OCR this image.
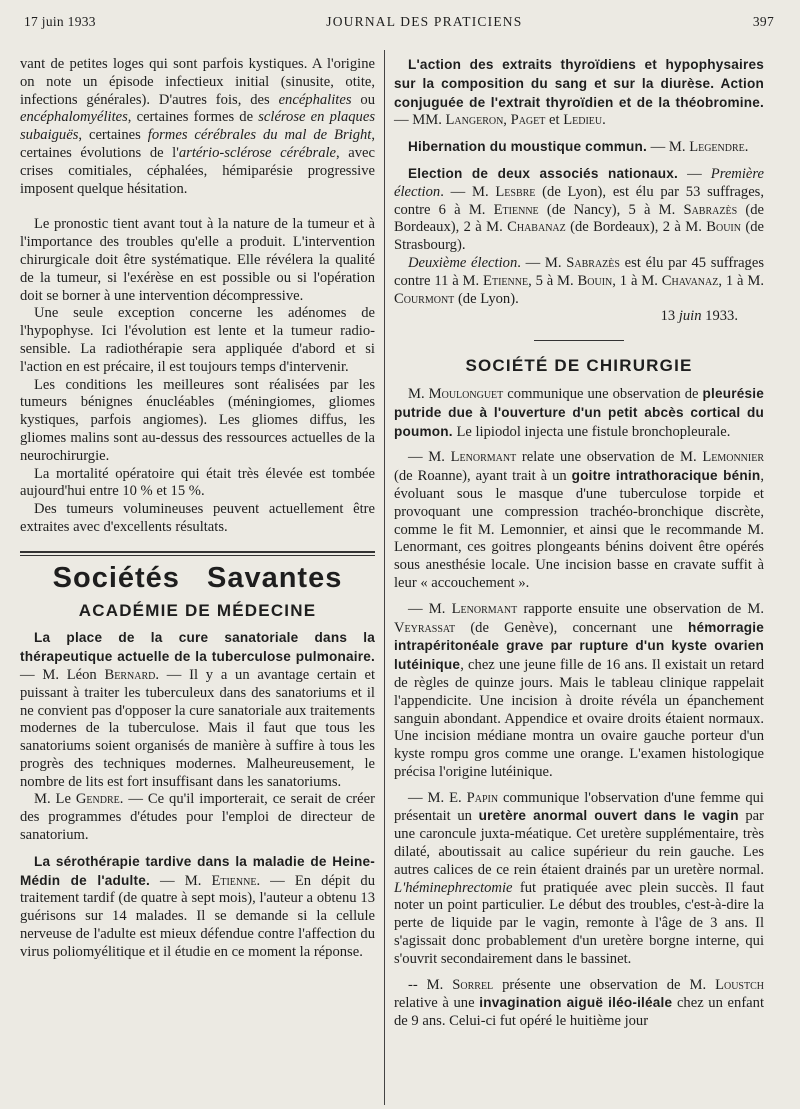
17 juin 1933	JOURNAL DES PRATICIENS	397

vant de petites loges qui sont parfois kystiques. A l'origine on note un épisode infectieux initial (sinusite, otite, infections générales). D'autres fois, des encéphalites ou encéphalomyélites, certaines formes de sclérose en plaques subaiguës, certaines formes cérébrales du mal de Bright, certaines évolutions de l'artério-sclérose cérébrale, avec crises comitiales, céphalées, hémiparésie progressive imposent quelque hésitation.

Le pronostic tient avant tout à la nature de la tumeur et à l'importance des troubles qu'elle a produit. L'intervention chirurgicale doit être systématique. Elle révélera la qualité de la tumeur, si l'exérèse en est possible ou si l'opération doit se borner à une intervention décompressive.

Une seule exception concerne les adénomes de l'hypophyse. Ici l'évolution est lente et la tumeur radio-sensible. La radiothérapie sera appliquée d'abord et si l'action en est précaire, il est toujours temps d'intervenir.

Les conditions les meilleures sont réalisées par les tumeurs bénignes énucléables (méningiomes, gliomes kystiques, parfois angiomes). Les gliomes diffus, les gliomes malins sont au-dessus des ressources actuelles de la neurochirurgie.

La mortalité opératoire qui était très élevée est tombée aujourd'hui entre 10 % et 15 %.

Des tumeurs volumineuses peuvent actuellement être extraites avec d'excellents résultats.

Sociétés Savantes
ACADÉMIE DE MÉDECINE

La place de la cure sanatoriale dans la thérapeutique actuelle de la tuberculose pulmonaire. — M. Léon Bernard. — Il y a un avantage certain et puissant à traiter les tuberculeux dans des sanatoriums et il ne convient pas d'opposer la cure sanatoriale aux traitements modernes de la tuberculose. Mais il faut que tous les sanatoriums soient organisés de manière à suffire à tous les progrès des techniques modernes. Malheureusement, le nombre de lits est fort insuffisant dans les sanatoriums.

M. Le Gendre. — Ce qu'il importerait, ce serait de créer des programmes d'études pour l'emploi de directeur de sanatorium.

La sérothérapie tardive dans la maladie de Heine-Médin de l'adulte. — M. Etienne. — En dépit du traitement tardif (de quatre à sept mois), l'auteur a obtenu 13 guérisons sur 14 malades. Il se demande si la cellule nerveuse de l'adulte est mieux défendue contre l'affection du virus poliomyélitique et il étudie en ce moment la réponse.

L'action des extraits thyroïdiens et hypophysaires sur la composition du sang et sur la diurèse. Action conjuguée de l'extrait thyroïdien et de la théobromine. — MM. Langeron, Paget et Ledieu.

Hibernation du moustique commun. — M. Legendre.

Election de deux associés nationaux. — Première élection. — M. Lesbre (de Lyon), est élu par 53 suffrages, contre 6 à M. Etienne (de Nancy), 5 à M. Sabrazès (de Bordeaux), 2 à M. Chabanaz (de Bordeaux), 2 à M. Bouin (de Strasbourg).

Deuxième élection. — M. Sabrazès est élu par 45 suffrages contre 11 à M. Etienne, 5 à M. Bouin, 1 à M. Chavanaz, 1 à M. Courmont (de Lyon).

13 juin 1933.

SOCIÉTÉ DE CHIRURGIE

M. Moulonguet communique une observation de pleurésie putride due à l'ouverture d'un petit abcès cortical du poumon. Le lipiodol injecta une fistule bronchopleurale.

— M. Lenormant relate une observation de M. Lemonnier (de Roanne), ayant trait à un goitre intrathoracique bénin, évoluant sous le masque d'une tuberculose torpide et provoquant une compression trachéo-bronchique discrète, comme le fit M. Lemonnier, et ainsi que le recommande M. Lenormant, ces goitres plongeants bénins doivent être opérés sous anesthésie locale. Une incision basse en cravate suffit à leur « accouchement ».

— M. Lenormant rapporte ensuite une observation de M. Veyrassat (de Genève), concernant une hémorragie intrapéritonéale grave par rupture d'un kyste ovarien lutéinique, chez une jeune fille de 16 ans. Il existait un retard de règles de quinze jours. Mais le tableau clinique rappelait l'appendicite. Une incision à droite révéla un épanchement sanguin abondant. Appendice et ovaire droits étaient normaux. Une incision médiane montra un ovaire gauche porteur d'un kyste rompu gros comme une orange. L'examen histologique précisa l'origine lutéinique.

— M. E. Papin communique l'observation d'une femme qui présentait un uretère anormal ouvert dans le vagin par une caroncule juxta-méatique. Cet uretère supplémentaire, très dilaté, aboutissait au calice supérieur du rein gauche. Les autres calices de ce rein étaient drainés par un uretère normal. L'héminephrectomie fut pratiquée avec plein succès. Il faut noter un point particulier. Le début des troubles, c'est-à-dire la perte de liquide par le vagin, remonte à l'âge de 3 ans. Il s'agissait donc probablement d'un uretère borgne interne, qui s'ouvrit secondairement dans le bassinet.

-- M. Sorrel présente une observation de M. Loustch relative à une invagination aiguë iléo-iléale chez un enfant de 9 ans. Celui-ci fut opéré le huitième jour
